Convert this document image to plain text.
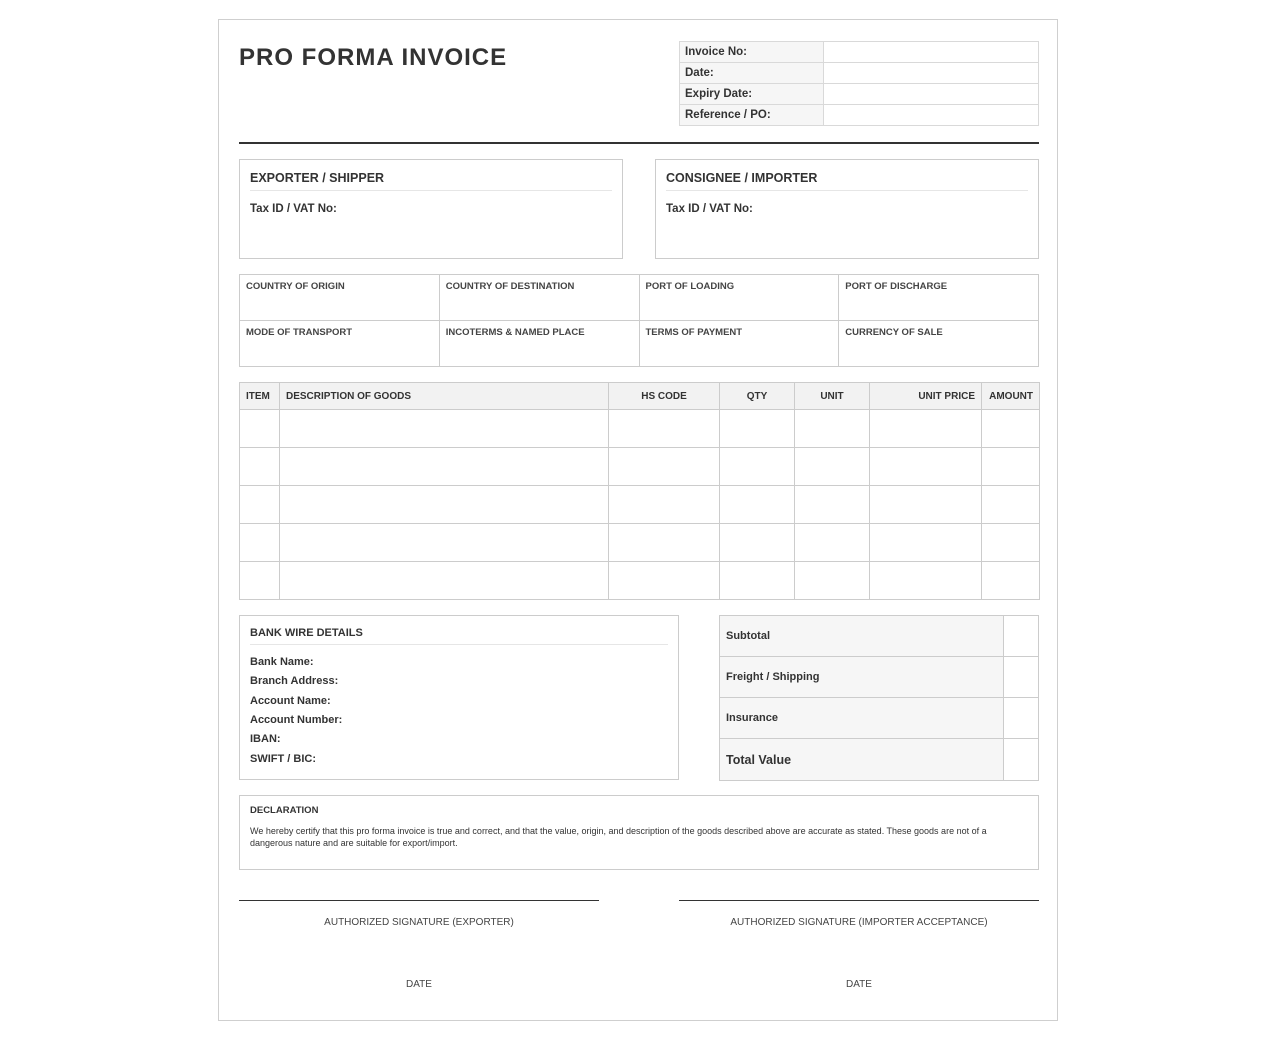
PRO FORMA INVOICE	Invoice No:	
Date:	
Expiry Date:	
Reference / PO:	
EXPORTER / SHIPPER
Tax ID / VAT No:
CONSIGNEE / IMPORTER
Tax ID / VAT No:
COUNTRY OF ORIGIN	COUNTRY OF DESTINATION	PORT OF LOADING	PORT OF DISCHARGE
MODE OF TRANSPORT	INCOTERMS & NAMED PLACE	TERMS OF PAYMENT	CURRENCY OF SALE
ITEM	DESCRIPTION OF GOODS	HS CODE	QTY	UNIT	UNIT PRICE	AMOUNT

BANK WIRE DETAILS
Bank Name:
Branch Address:
Account Name:
Account Number:
IBAN:
SWIFT / BIC:
Subtotal	
Freight / Shipping	
Insurance	
Total Value	
DECLARATION
We hereby certify that this pro forma invoice is true and correct, and that the value, origin, and description of the goods described above are accurate as stated. These goods are not of a dangerous nature and are suitable for export/import.
AUTHORIZED SIGNATURE (EXPORTER)	AUTHORIZED SIGNATURE (IMPORTER ACCEPTANCE)
DATE	DATE
